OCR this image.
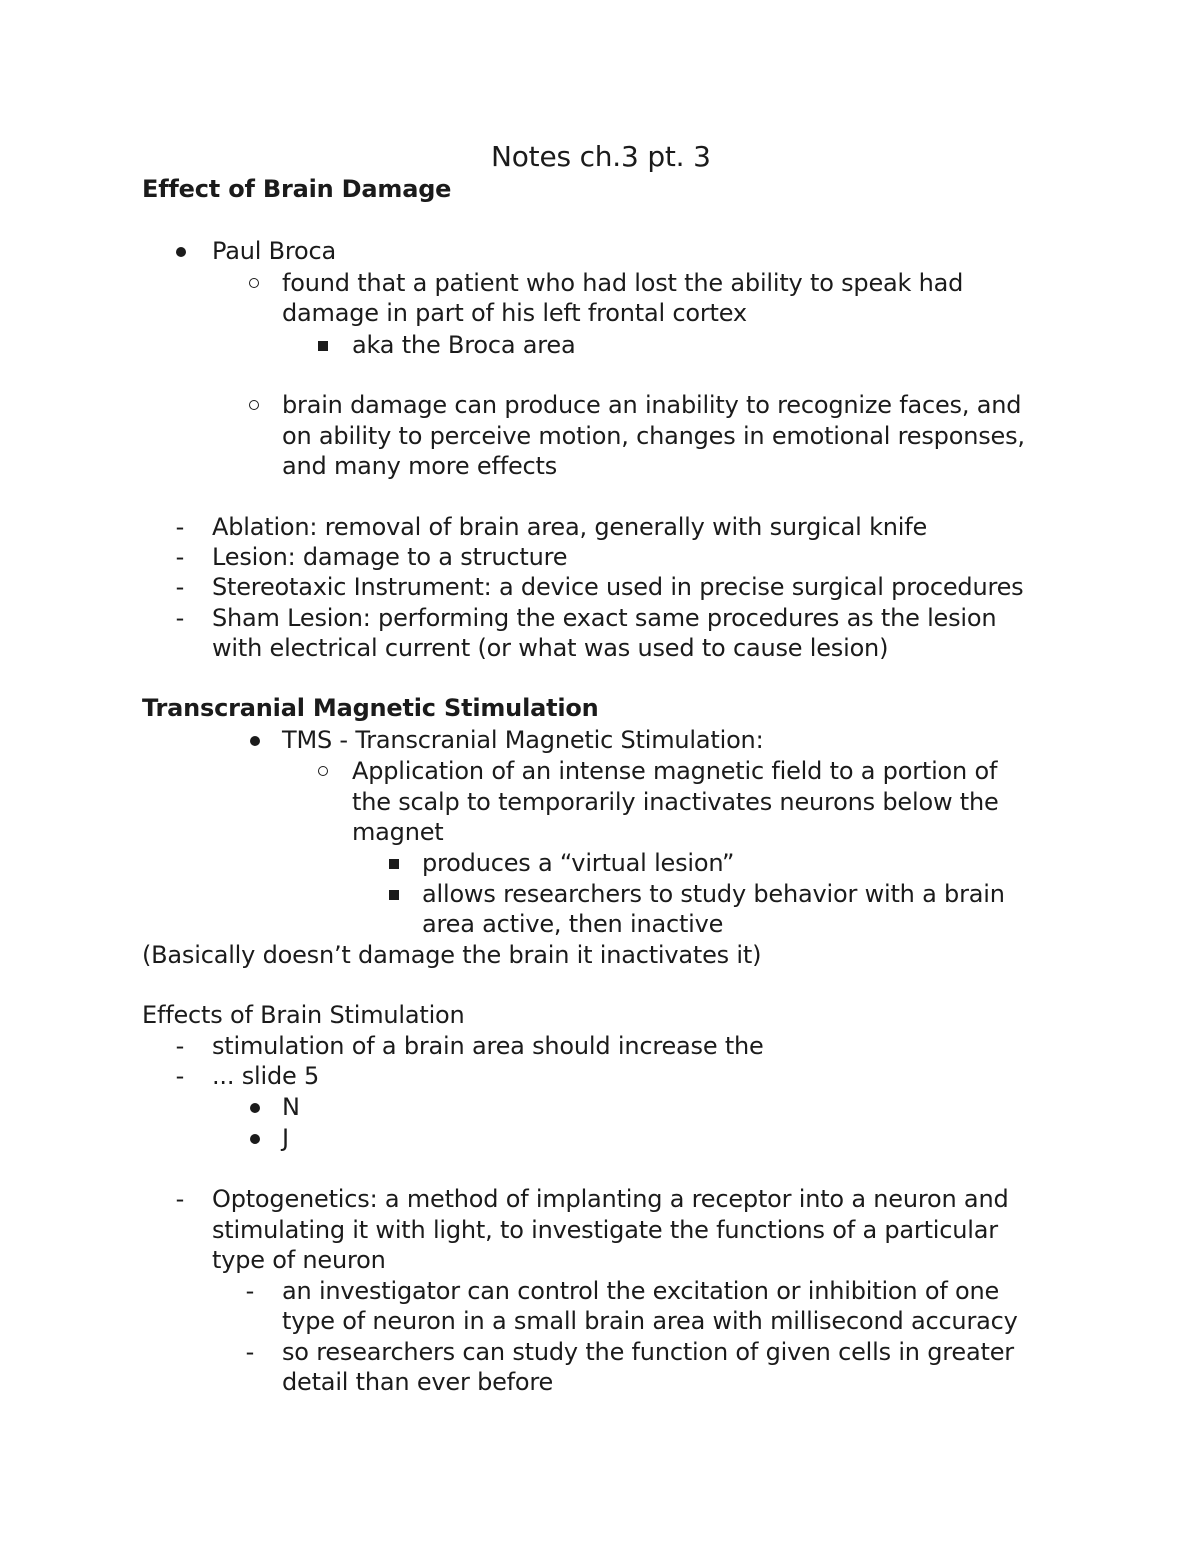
Notes ch.3 pt. 3
Effect of Brain Damage
Paul Broca
found that a patient who had lost the ability to speak had
damage in part of his left frontal cortex
aka the Broca area
brain damage can produce an inability to recognize faces, and
on ability to perceive motion, changes in emotional responses,
and many more effects
- Ablation: removal of brain area, generally with surgical knife
- Lesion: damage to a structure
- Stereotaxic Instrument: a device used in precise surgical procedures
- Sham Lesion: performing the exact same procedures as the lesion
with electrical current (or what was used to cause lesion)
Transcranial Magnetic Stimulation
TMS - Transcranial Magnetic Stimulation:
Application of an intense magnetic field to a portion of
the scalp to temporarily inactivates neurons below the
magnet
produces a “virtual lesion”
allows researchers to study behavior with a brain
area active, then inactive
(Basically doesn’t damage the brain it inactivates it)
Effects of Brain Stimulation
- stimulation of a brain area should increase the
- ... slide 5
N
J
- Optogenetics: a method of implanting a receptor into a neuron and
stimulating it with light, to investigate the functions of a particular
type of neuron
- an investigator can control the excitation or inhibition of one
type of neuron in a small brain area with millisecond accuracy
- so researchers can study the function of given cells in greater
detail than ever before
